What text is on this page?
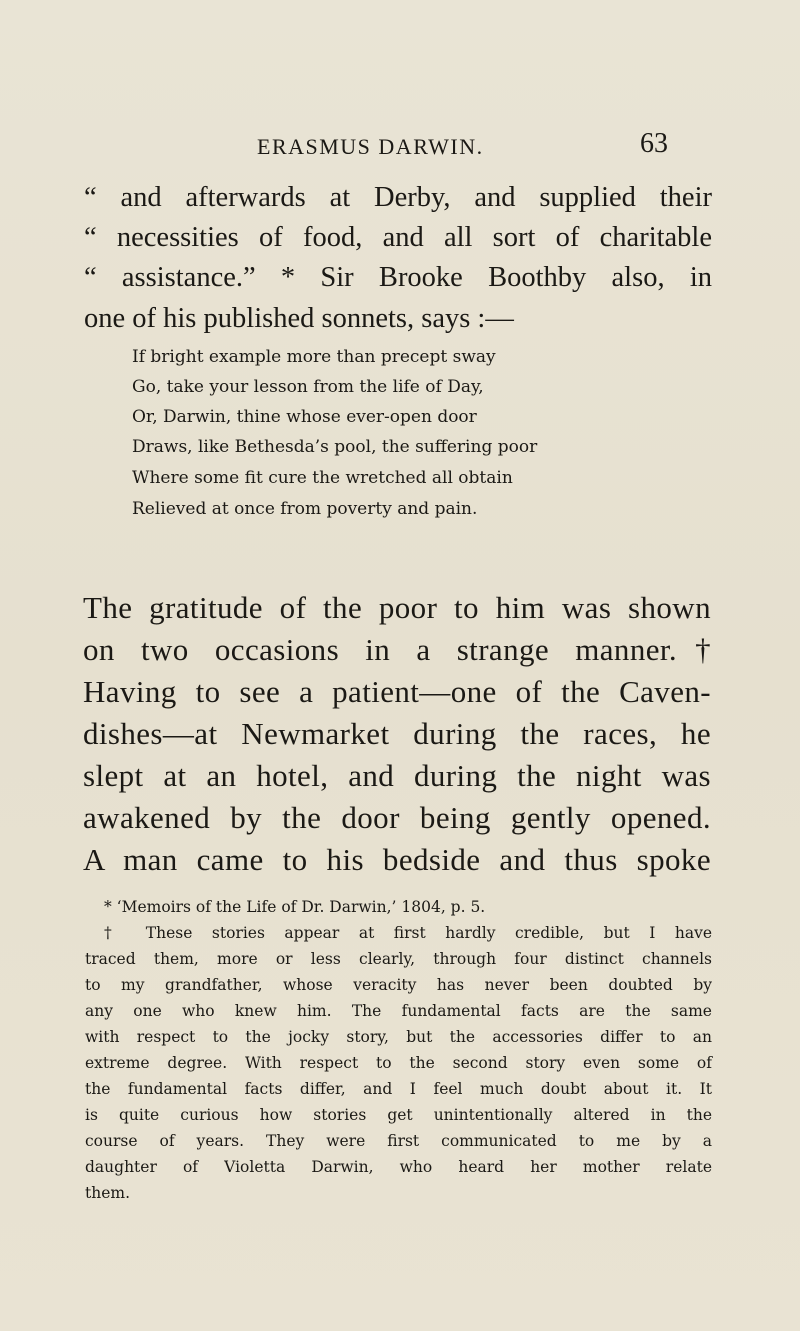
ERASMUS DARWIN.	63
“ and afterwards at Derby, and supplied their
“ necessities of food, and all sort of charitable
“ assistance.” * Sir Brooke Boothby also, in
one of his published sonnets, says :—
If bright example more than precept sway
Go, take your lesson from the life of Day,
Or, Darwin, thine whose ever-open door
Draws, like Bethesda’s pool, the suffering poor
Where some fit cure the wretched all obtain
Relieved at once from poverty and pain.
The gratitude of the poor to him was shown
on two occasions in a strange manner.†
Having to see a patient—one of the Caven-
dishes—at Newmarket during the races, he
slept at an hotel, and during the night was
awakened by the door being gently opened.
A man came to his bedside and thus spoke
* ‘Memoirs of the Life of Dr. Darwin,’ 1804, p. 5.
† These stories appear at first hardly credible, but I have
traced them, more or less clearly, through four distinct channels
to my grandfather, whose veracity has never been doubted by
any one who knew him. The fundamental facts are the same
with respect to the jocky story, but the accessories differ to an
extreme degree. With respect to the second story even some of
the fundamental facts differ, and I feel much doubt about it. It
is quite curious how stories get unintentionally altered in the
course of years. They were first communicated to me by a
daughter of Violetta Darwin, who heard her mother relate
them.
